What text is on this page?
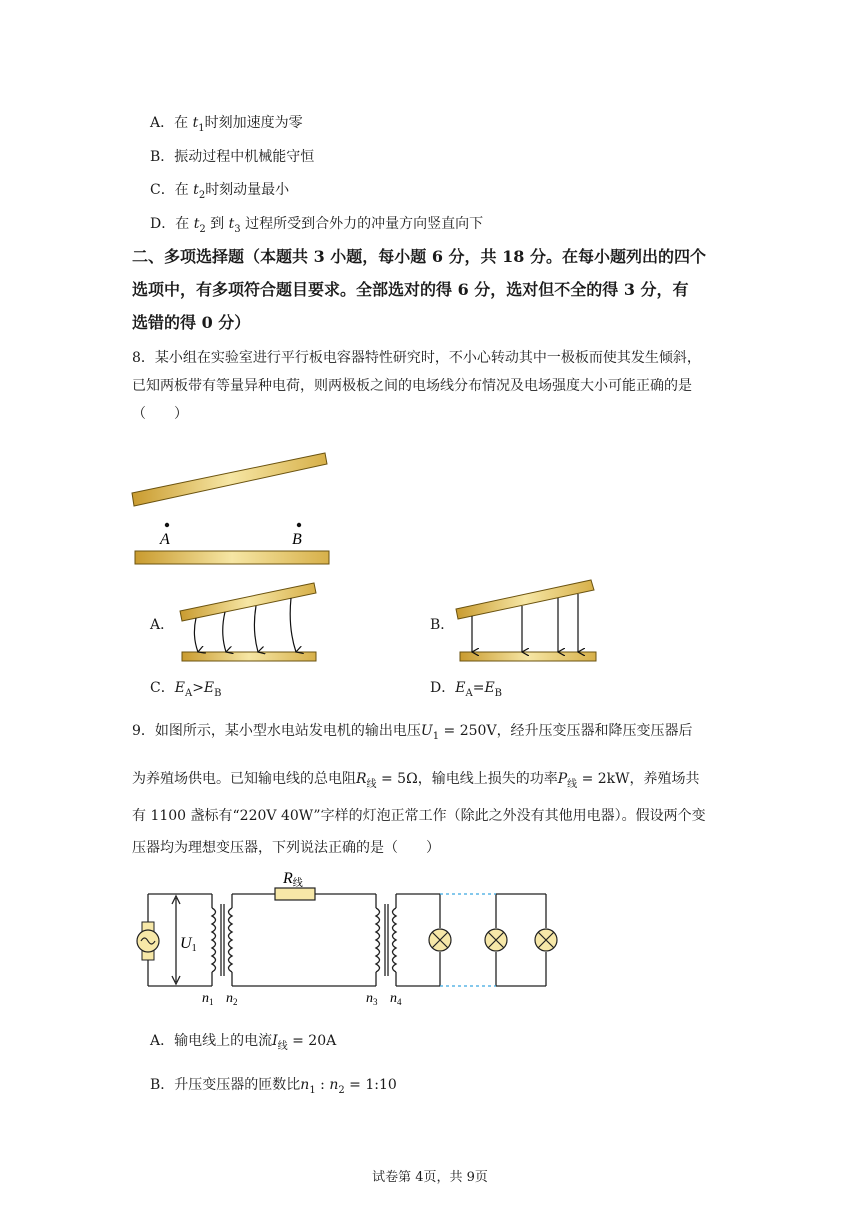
A．在 $t_1$时刻加速度为零
B．振动过程中机械能守恒
C．在 $t_2$时刻动量最小
D．在 $t_2$ 到 $t_3$ 过程所受到合外力的冲量方向竖直向下
二、多项选择题（本题共 3 小题，每小题 6 分，共 18 分。在每小题列出的四个
选项中，有多项符合题目要求。全部选对的得 6 分，选对但不全的得 3 分，有
选错的得 0 分）
8．某小组在实验室进行平行板电容器特性研究时，不小心转动其中一极板而使其发生倾斜，
已知两板带有等量异种电荷，则两极板之间的电场线分布情况及电场强度大小可能正确的是
（　　）
A	B
A．	B．
C．$E_A>E_B$	D．$E_A=E_B$
9．如图所示，某小型水电站发电机的输出电压$U_1 = 250V$，经升压变压器和降压变压器后
为养殖场供电。已知输电线的总电阻$R_线 = 5\Omega$，输电线上损失的功率$P_线 = 2kW$，养殖场共
有 1100 盏标有“220V 40W”字样的灯泡正常工作（除此之外没有其他用电器）。假设两个变
压器均为理想变压器，下列说法正确的是（　　）
R线
U1
$n_1$ $n_2$	$n_3$ $n_4$
A．输电线上的电流$I_线 = 20A$
B．升压变压器的匝数比$n_1$ : $n_2$ = 1:10
试卷第 4页，共 9页
